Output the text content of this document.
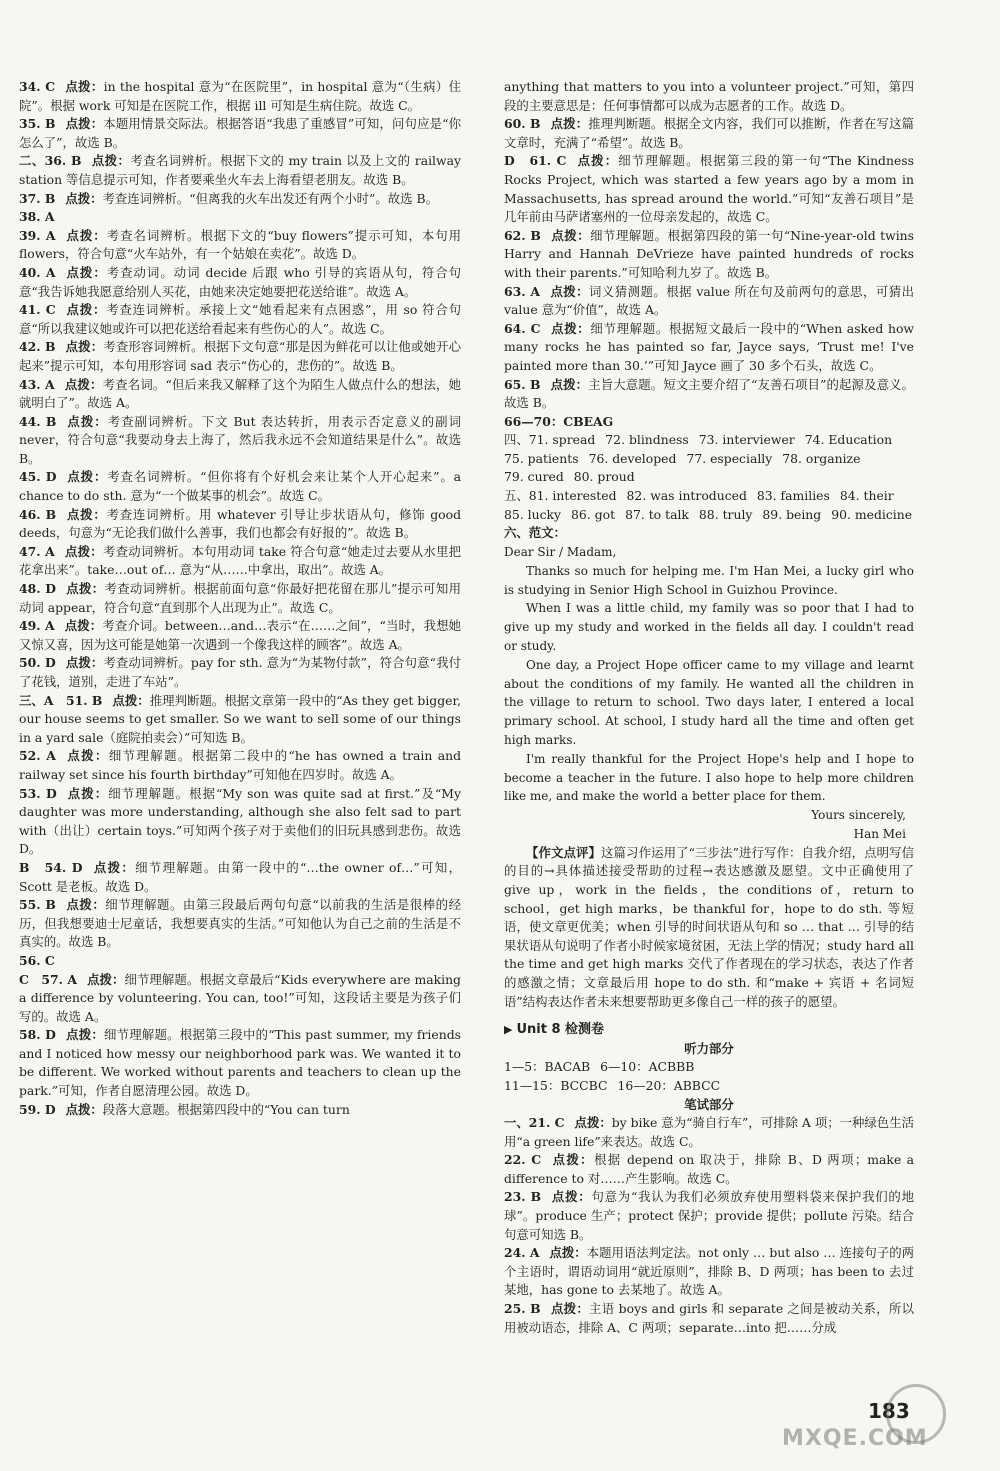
34. C 点拨：in the hospital 意为“在医院里”，in hospital 意为“（生病）住院”。根据 work 可知是在医院工作，根据 ill 可知是生病住院。故选 C。

35. B 点拨：本题用情景交际法。根据答语“我患了重感冒”可知，问句应是“你怎么了”，故选 B。

二、36. B 点拨：考查名词辨析。根据下文的 my train 以及上文的 railway station 等信息提示可知，作者要乘坐火车去上海看望老朋友。故选 B。

37. B 点拨：考查连词辨析。“但离我的火车出发还有两个小时”。故选 B。

38. A

39. A 点拨：考查名词辨析。根据下文的“buy flowers”提示可知，本句用 flowers，符合句意“火车站外，有一个姑娘在卖花”。故选 D。

40. A 点拨：考查动词。动词 decide 后跟 who 引导的宾语从句，符合句意“我告诉她我愿意给别人买花，由她来决定她要把花送给谁”。故选 A。

41. C 点拨：考查连词辨析。承接上文“她看起来有点困惑”，用 so 符合句意“所以我建议她或许可以把花送给看起来有些伤心的人”。故选 C。

42. B 点拨：考查形容词辨析。根据下文句意“那是因为鲜花可以让他或她开心起来”提示可知，本句用形容词 sad 表示“伤心的，悲伤的”。故选 B。

43. A 点拨：考查名词。“但后来我又解释了这个为陌生人做点什么的想法，她就明白了”。故选 A。

44. B 点拨：考查副词辨析。下文 But 表达转折，用表示否定意义的副词 never，符合句意“我要动身去上海了，然后我永远不会知道结果是什么”。故选 B。

45. D 点拨：考查名词辨析。“但你将有个好机会来让某个人开心起来”。a chance to do sth. 意为“一个做某事的机会”。故选 C。

46. B 点拨：考查连词辨析。用 whatever 引导让步状语从句，修饰 good deeds，句意为“无论我们做什么善事，我们也都会有好报的”。故选 B。

47. A 点拨：考查动词辨析。本句用动词 take 符合句意“她走过去要从水里把花拿出来”。take…out of… 意为“从……中拿出，取出”。故选 A。

48. D 点拨：考查动词辨析。根据前面句意“你最好把花留在那儿”提示可知用动词 appear，符合句意“直到那个人出现为止”。故选 C。

49. A 点拨：考查介词。between…and…表示“在……之间”，“当时，我想她又惊又喜，因为这可能是她第一次遇到一个像我这样的顾客”。故选 A。

50. D 点拨：考查动词辨析。pay for sth. 意为“为某物付款”，符合句意“我付了花钱，道别，走进了车站”。

三、A　51. B 点拨：推理判断题。根据文章第一段中的“As they get bigger, our house seems to get smaller. So we want to sell some of our things in a yard sale（庭院拍卖会）”可知选 B。

52. A 点拨：细节理解题。根据第二段中的“he has owned a train and railway set since his fourth birthday”可知他在四岁时。故选 A。

53. D 点拨：细节理解题。根据“My son was quite sad at first.”及“My daughter was more understanding, although she also felt sad to part with（出让）certain toys.”可知两个孩子对于卖他们的旧玩具感到悲伤。故选 D。

B　54. D 点拨：细节理解题。由第一段中的“…the owner of…”可知，Scott 是老板。故选 D。

55. B 点拨：细节理解题。由第三段最后两句句意“以前我的生活是很棒的经历，但我想要迪士尼童话，我想要真实的生活。”可知他认为自己之前的生活是不真实的。故选 B。

56. C

C　57. A 点拨：细节理解题。根据文章最后“Kids everywhere are making a difference by volunteering. You can, too!”可知，这段话主要是为孩子们写的。故选 A。

58. D 点拨：细节理解题。根据第三段中的“This past summer, my friends and I noticed how messy our neighborhood park was. We wanted it to be different. We worked without parents and teachers to clean up the park.”可知，作者自愿清理公园。故选 D。

59. D 点拨：段落大意题。根据第四段中的“You can turn

anything that matters to you into a volunteer project.”可知，第四段的主要意思是：任何事情都可以成为志愿者的工作。故选 D。

60. B 点拨：推理判断题。根据全文内容，我们可以推断，作者在写这篇文章时，充满了“希望”。故选 B。

D　61. C 点拨：细节理解题。根据第三段的第一句“The Kindness Rocks Project, which was started a few years ago by a mom in Massachusetts, has spread around the world.”可知“友善石项目”是几年前由马萨诸塞州的一位母亲发起的，故选 C。

62. B 点拨：细节理解题。根据第四段的第一句“Nine-year-old twins Harry and Hannah DeVrieze have painted hundreds of rocks with their parents.”可知哈利九岁了。故选 B。

63. A 点拨：词义猜测题。根据 value 所在句及前两句的意思，可猜出 value 意为“价值”，故选 A。

64. C 点拨：细节理解题。根据短文最后一段中的“When asked how many rocks he has painted so far, Jayce says, ‘Trust me! I've painted more than 30.’”可知 Jayce 画了 30 多个石头，故选 C。

65. B 点拨：主旨大意题。短文主要介绍了“友善石项目”的起源及意义。故选 B。

66—70：CBEAG

四、71. spread 72. blindness 73. interviewer 74. Education
75. patients 76. developed 77. especially 78. organize
79. cured 80. proud
五、81. interested 82. was introduced 83. families 84. their
85. lucky 86. got 87. to talk 88. truly 89. being 90. medicine
六、范文：

Dear Sir / Madam,

Thanks so much for helping me. I'm Han Mei, a lucky girl who is studying in Senior High School in Guizhou Province.

When I was a little child, my family was so poor that I had to give up my study and worked in the fields all day. I couldn't read or study.

One day, a Project Hope officer came to my village and learnt about the conditions of my family. He wanted all the children in the village to return to school. Two days later, I entered a local primary school. At school, I study hard all the time and often get high marks.

I'm really thankful for the Project Hope's help and I hope to become a teacher in the future. I also hope to help more children like me, and make the world a better place for them.

Yours sincerely,

Han Mei

【作文点评】这篇习作运用了“三步法”进行写作：自我介绍，点明写信的目的→具体描述接受帮助的过程→表达感激及愿望。文中正确使用了 give up，work in the fields，the conditions of，return to school，get high marks，be thankful for，hope to do sth. 等短语，使文章更优美；when 引导的时间状语从句和 so … that … 引导的结果状语从句说明了作者小时候家境贫困，无法上学的情况；study hard all the time and get high marks 交代了作者现在的学习状态，表达了作者的感激之情；文章最后用 hope to do sth. 和“make + 宾语 + 名词短语”结构表达作者未来想要帮助更多像自己一样的孩子的愿望。

▶ Unit 8 检测卷
听力部分
1—5：BACAB 6—10：ACBBB
11—15：BCCBC 16—20：ABBCC
笔试部分

一、21. C 点拨：by bike 意为“骑自行车”，可排除 A 项；一种绿色生活用“a green life”来表达。故选 C。

22. C 点拨：根据 depend on 取决于，排除 B、D 两项；make a difference to 对……产生影响。故选 C。

23. B 点拨：句意为“我认为我们必须放弃使用塑料袋来保护我们的地球”。produce 生产；protect 保护；provide 提供；pollute 污染。结合句意可知选 B。

24. A 点拨：本题用语法判定法。not only … but also … 连接句子的两个主语时，谓语动词用“就近原则”，排除 B、D 两项；has been to 去过某地，has gone to 去某地了。故选 A。

25. B 点拨：主语 boys and girls 和 separate 之间是被动关系，所以用被动语态，排除 A、C 两项；separate…into 把……分成

183
MXQE.COM
